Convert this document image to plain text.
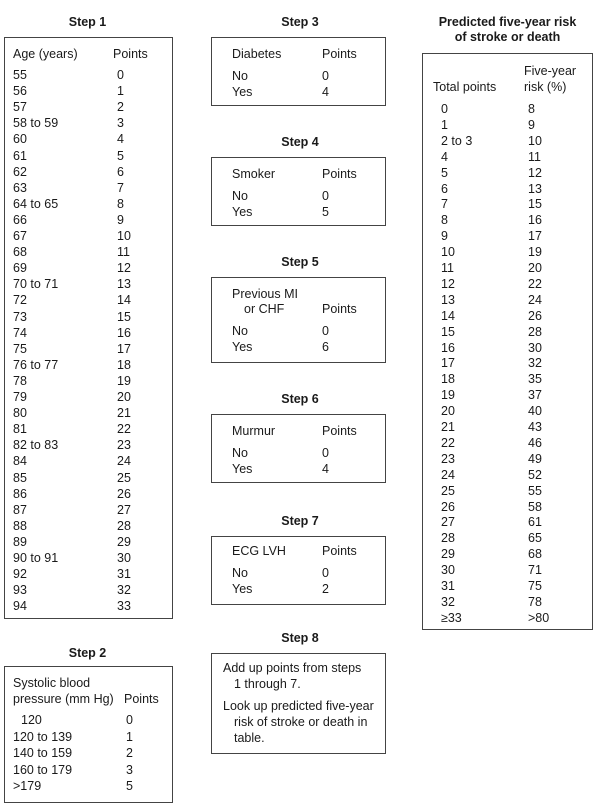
Step 1
Age (years)	Points
55	0
56	1
57	2
58 to 59	3
60	4
61	5
62	6
63	7
64 to 65	8
66	9
67	10
68	11
69	12
70 to 71	13
72	14
73	15
74	16
75	17
76 to 77	18
78	19
79	20
80	21
81	22
82 to 83	23
84	24
85	25
86	26
87	27
88	28
89	29
90 to 91	30
92	31
93	32
94	33
Step 2
Systolic blood
pressure (mm Hg) Points
120	0
120 to 139	1
140 to 159	2
160 to 179	3
>179	5
Step 3
Diabetes	Points
No	0
Yes	4
Step 4
Smoker	Points
No	0
Yes	5
Step 5
Previous MI
or CHF	Points
No	0
Yes	6
Step 6
Murmur	Points
No	0
Yes	4
Step 7
ECG LVH	Points
No	0
Yes	2
Step 8
Add up points from steps
1 through 7.
Look up predicted five-year
risk of stroke or death in
table.
Predicted five-year risk
of stroke or death
Total points
Five-year
risk (%)
0	8
1	9
2 to 3	10
4	11
5	12
6	13
7	15
8	16
9	17
10	19
11	20
12	22
13	24
14	26
15	28
16	30
17	32
18	35
19	37
20	40
21	43
22	46
23	49
24	52
25	55
26	58
27	61
28	65
29	68
30	71
31	75
32	78
≥33	>80
